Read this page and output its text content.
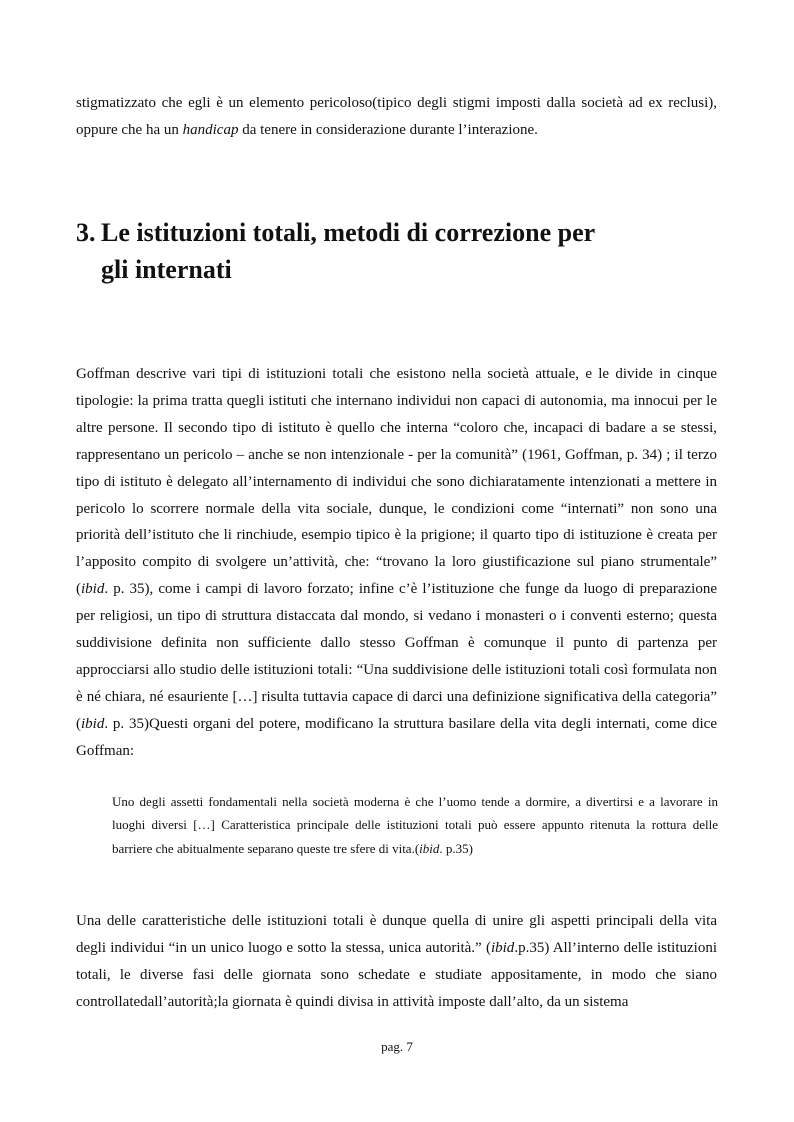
stigmatizzato che egli è un elemento pericoloso(tipico degli stigmi imposti dalla società ad ex reclusi), oppure che ha un handicap da tenere in considerazione durante l’interazione.

3. Le istituzioni totali, metodi di correzione per
gli internati

Goffman descrive vari tipi di istituzioni totali che esistono nella società attuale, e le divide in cinque tipologie: la prima tratta quegli istituti che internano individui non capaci di autonomia, ma innocui per le altre persone. Il secondo tipo di istituto è quello che interna “coloro che, incapaci di badare a se stessi, rappresentano un pericolo – anche se non intenzionale - per la comunità” (1961, Goffman, p. 34) ; il terzo tipo di istituto è delegato all’internamento di individui che sono dichiaratamente intenzionati a mettere in pericolo lo scorrere normale della vita sociale, dunque, le condizioni come “internati” non sono una priorità dell’istituto che li rinchiude, esempio tipico è la prigione; il quarto tipo di istituzione è creata per l’apposito compito di svolgere un’attività, che: “trovano la loro giustificazione sul piano strumentale” (ibid. p. 35), come i campi di lavoro forzato; infine c’è l’istituzione che funge da luogo di preparazione per religiosi, un tipo di struttura distaccata dal mondo, si vedano i monasteri o i conventi esterno; questa suddivisione definita non sufficiente dallo stesso Goffman è comunque il punto di partenza per approcciarsi allo studio delle istituzioni totali: “Una suddivisione delle istituzioni totali così formulata non è né chiara, né esauriente […] risulta tuttavia capace di darci una definizione significativa della categoria” (ibid. p. 35)Questi organi del potere, modificano la struttura basilare della vita degli internati, come dice Goffman:

Uno degli assetti fondamentali nella società moderna è che l’uomo tende a dormire, a divertirsi e a lavorare in luoghi diversi […] Caratteristica principale delle istituzioni totali può essere appunto ritenuta la rottura delle barriere che abitualmente separano queste tre sfere di vita.(ibid. p.35)

Una delle caratteristiche delle istituzioni totali è dunque quella di unire gli aspetti principali della vita degli individui “in un unico luogo e sotto la stessa, unica autorità.” (ibid.p.35) All’interno delle istituzioni totali, le diverse fasi delle giornata sono schedate e studiate appositamente, in modo che siano controllatedall’autorità;la giornata è quindi divisa in attività imposte dall’alto, da un sistema

pag. 7
